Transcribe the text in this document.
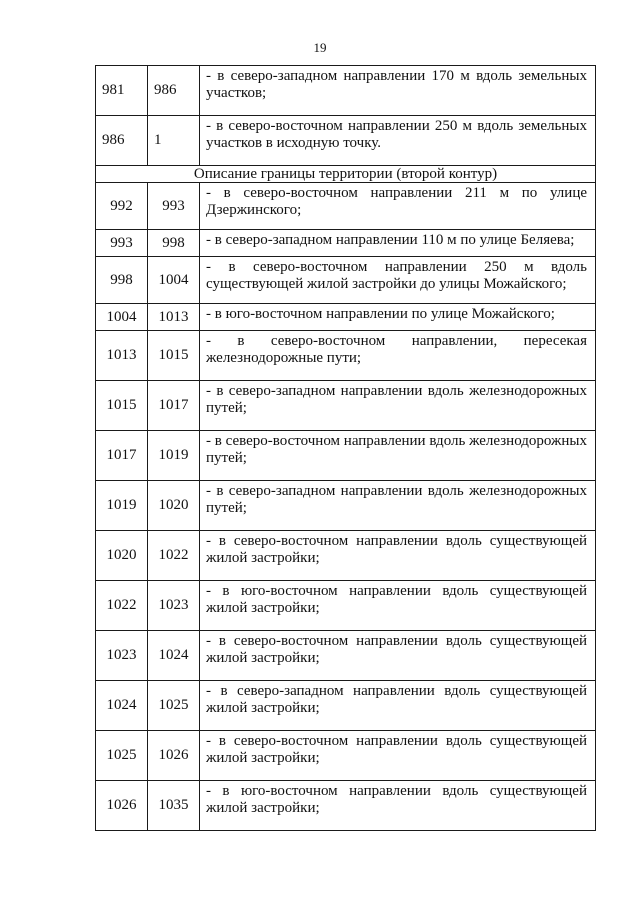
19
981	986	- в северо-западном направлении 170 м вдоль земельных участков;
986	1	- в северо-восточном направлении 250 м вдоль земельных участков в исходную точку.
Описание границы территории (второй контур)		
992	993	- в северо-восточном направлении 211 м по улице Дзержинского;
993	998	- в северо-западном направлении 110 м по улице Беляева;
998	1004	- в северо-восточном направлении 250 м вдоль существующей жилой застройки до улицы Можайского;
1004	1013	- в юго-восточном направлении по улице Можайского;
1013	1015	- в северо-восточном направлении, пересекая железнодорожные пути;
1015	1017	- в северо-западном направлении вдоль железнодорожных путей;
1017	1019	- в северо-восточном направлении вдоль железнодорожных путей;
1019	1020	- в северо-западном направлении вдоль железнодорожных путей;
1020	1022	- в северо-восточном направлении вдоль существующей жилой застройки;
1022	1023	- в юго-восточном направлении вдоль существующей жилой застройки;
1023	1024	- в северо-восточном направлении вдоль существующей жилой застройки;
1024	1025	- в северо-западном направлении вдоль существующей жилой застройки;
1025	1026	- в северо-восточном направлении вдоль существующей жилой застройки;
1026	1035	- в юго-восточном направлении вдоль существующей жилой застройки;
